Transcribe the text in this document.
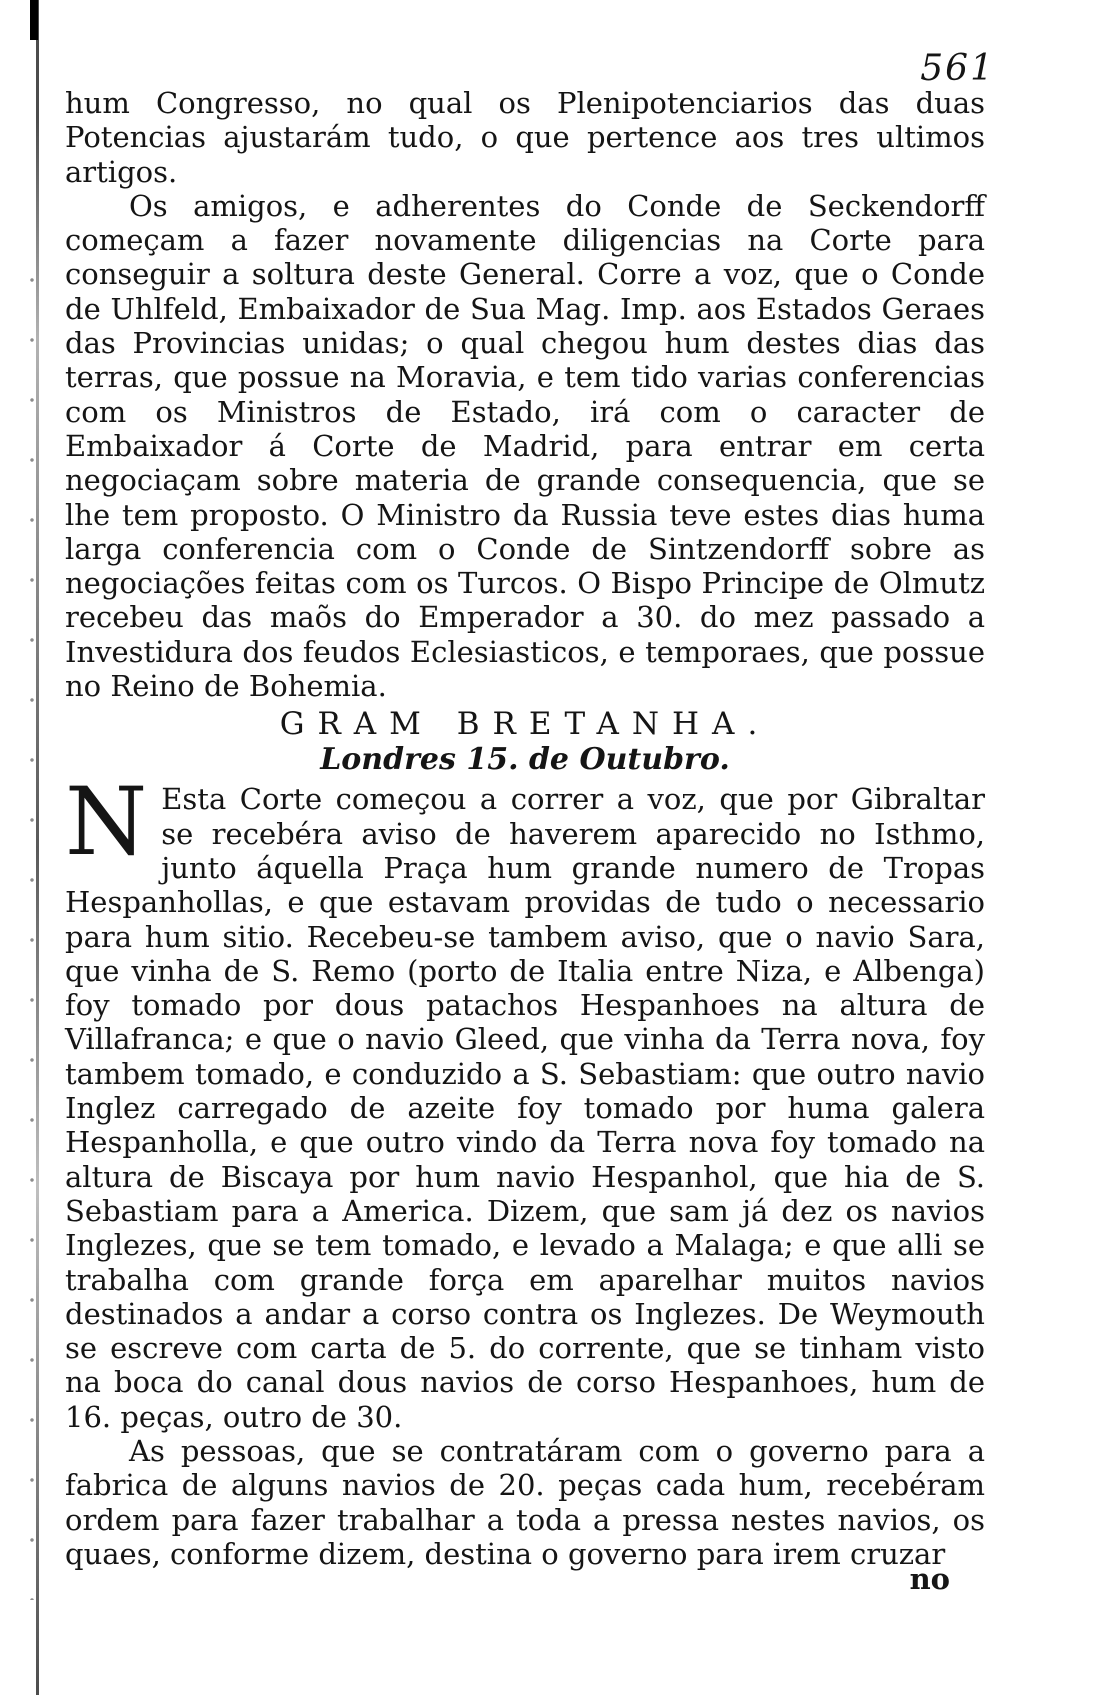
561

hum Congresso, no qual os Plenipotenciarios das duas Potencias ajustarám tudo, o que pertence aos tres ultimos artigos.

Os amigos, e adherentes do Conde de Seckendorff começam a fazer novamente diligencias na Corte para conseguir a soltura deste General. Corre a voz, que o Conde de Uhlfeld, Embaixador de Sua Mag. Imp. aos Estados Geraes das Provincias unidas; o qual chegou hum destes dias das terras, que possue na Moravia, e tem tido varias conferencias com os Ministros de Estado, irá com o caracter de Embaixador á Corte de Madrid, para entrar em certa negociaçam sobre materia de grande consequencia, que se lhe tem proposto. O Ministro da Russia teve estes dias huma larga conferencia com o Conde de Sintzendorff sobre as negociações feitas com os Turcos. O Bispo Principe de Olmutz recebeu das maõs do Emperador a 30. do mez passado a Investidura dos feudos Eclesiasticos, e temporaes, que possue no Reino de Bohemia.

GRAM BRETANHA.
Londres 15. de Outubro.

N Esta Corte começou a correr a voz, que por Gibraltar se recebéra aviso de haverem aparecido no Isthmo, junto áquella Praça hum grande numero de Tropas Hespanhollas, e que estavam providas de tudo o necessario para hum sitio. Recebeu-se tambem aviso, que o navio Sara, que vinha de S. Remo (porto de Italia entre Niza, e Albenga) foy tomado por dous patachos Hespanhoes na altura de Villafranca; e que o navio Gleed, que vinha da Terra nova, foy tambem tomado, e conduzido a S. Sebastiam: que outro navio Inglez carregado de azeite foy tomado por huma galera Hespanholla, e que outro vindo da Terra nova foy tomado na altura de Biscaya por hum navio Hespanhol, que hia de S. Sebastiam para a America. Dizem, que sam já dez os navios Inglezes, que se tem tomado, e levado a Malaga; e que alli se trabalha com grande força em aparelhar muitos navios destinados a andar a corso contra os Inglezes. De Weymouth se escreve com carta de 5. do corrente, que se tinham visto na boca do canal dous navios de corso Hespanhoes, hum de 16. peças, outro de 30.

As pessoas, que se contratáram com o governo para a fabrica de alguns navios de 20. peças cada hum, recebéram ordem para fazer trabalhar a toda a pressa nestes navios, os quaes, conforme dizem, destina o governo para irem cruzar

no
